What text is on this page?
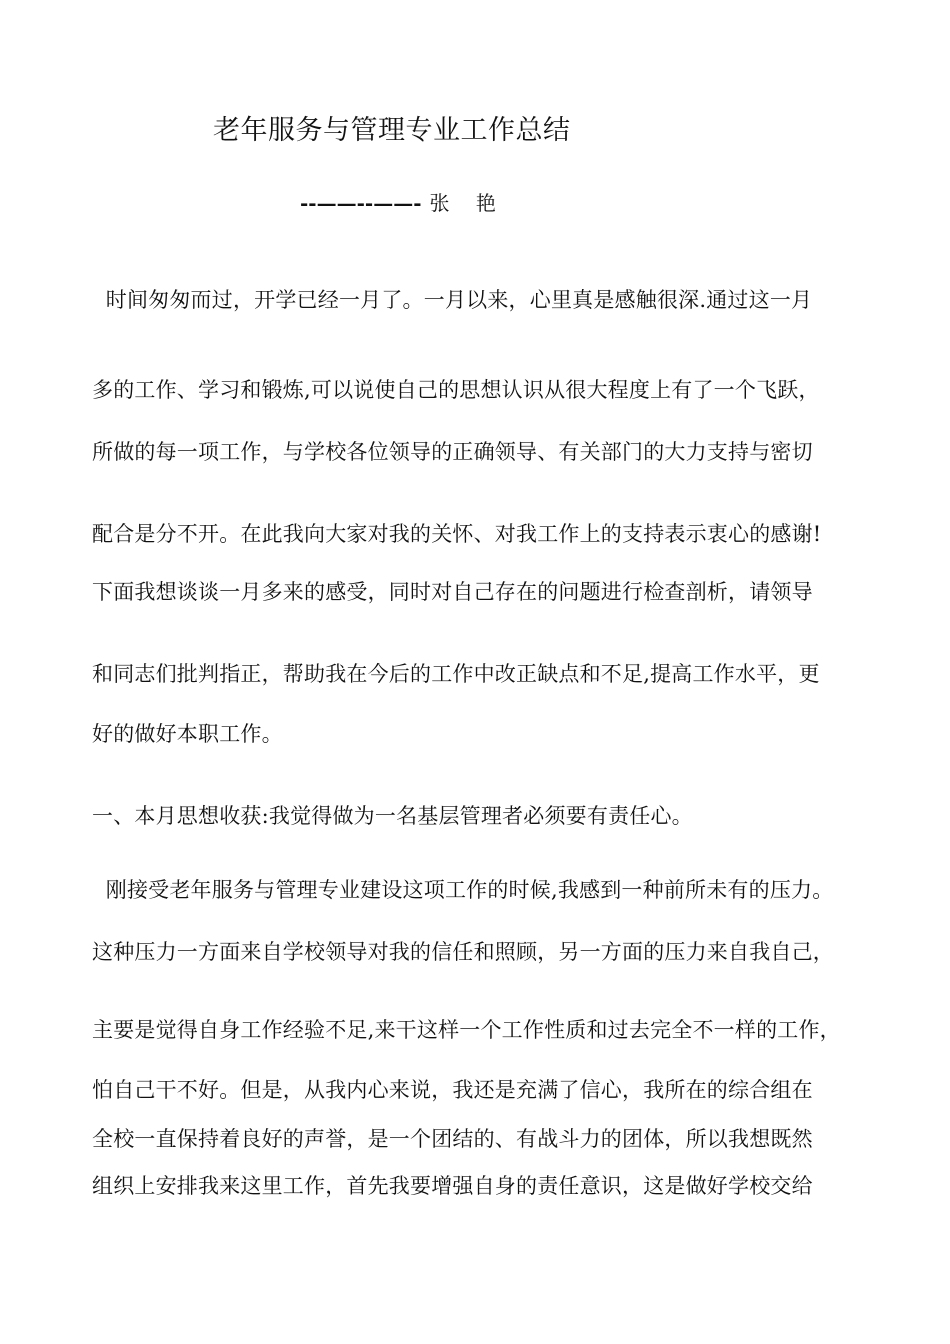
老年服务与管理专业工作总结
--——--——- 张 艳
时间匆匆而过，开学已经一月了。一月以来，心里真是感触很深.通过这一月
多的工作、学习和锻炼,可以说使自己的思想认识从很大程度上有了一个飞跃，
所做的每一项工作，与学校各位领导的正确领导、有关部门的大力支持与密切
配合是分不开。在此我向大家对我的关怀、对我工作上的支持表示衷心的感谢!
下面我想谈谈一月多来的感受，同时对自己存在的问题进行检查剖析，请领导
和同志们批判指正，帮助我在今后的工作中改正缺点和不足,提高工作水平，更
好的做好本职工作。
一、本月思想收获:我觉得做为一名基层管理者必须要有责任心。
刚接受老年服务与管理专业建设这项工作的时候,我感到一种前所未有的压力。
这种压力一方面来自学校领导对我的信任和照顾，另一方面的压力来自我自己，
主要是觉得自身工作经验不足,来干这样一个工作性质和过去完全不一样的工作，
怕自己干不好。但是，从我内心来说，我还是充满了信心，我所在的综合组在
全校一直保持着良好的声誉，是一个团结的、有战斗力的团体，所以我想既然
组织上安排我来这里工作，首先我要增强自身的责任意识，这是做好学校交给
